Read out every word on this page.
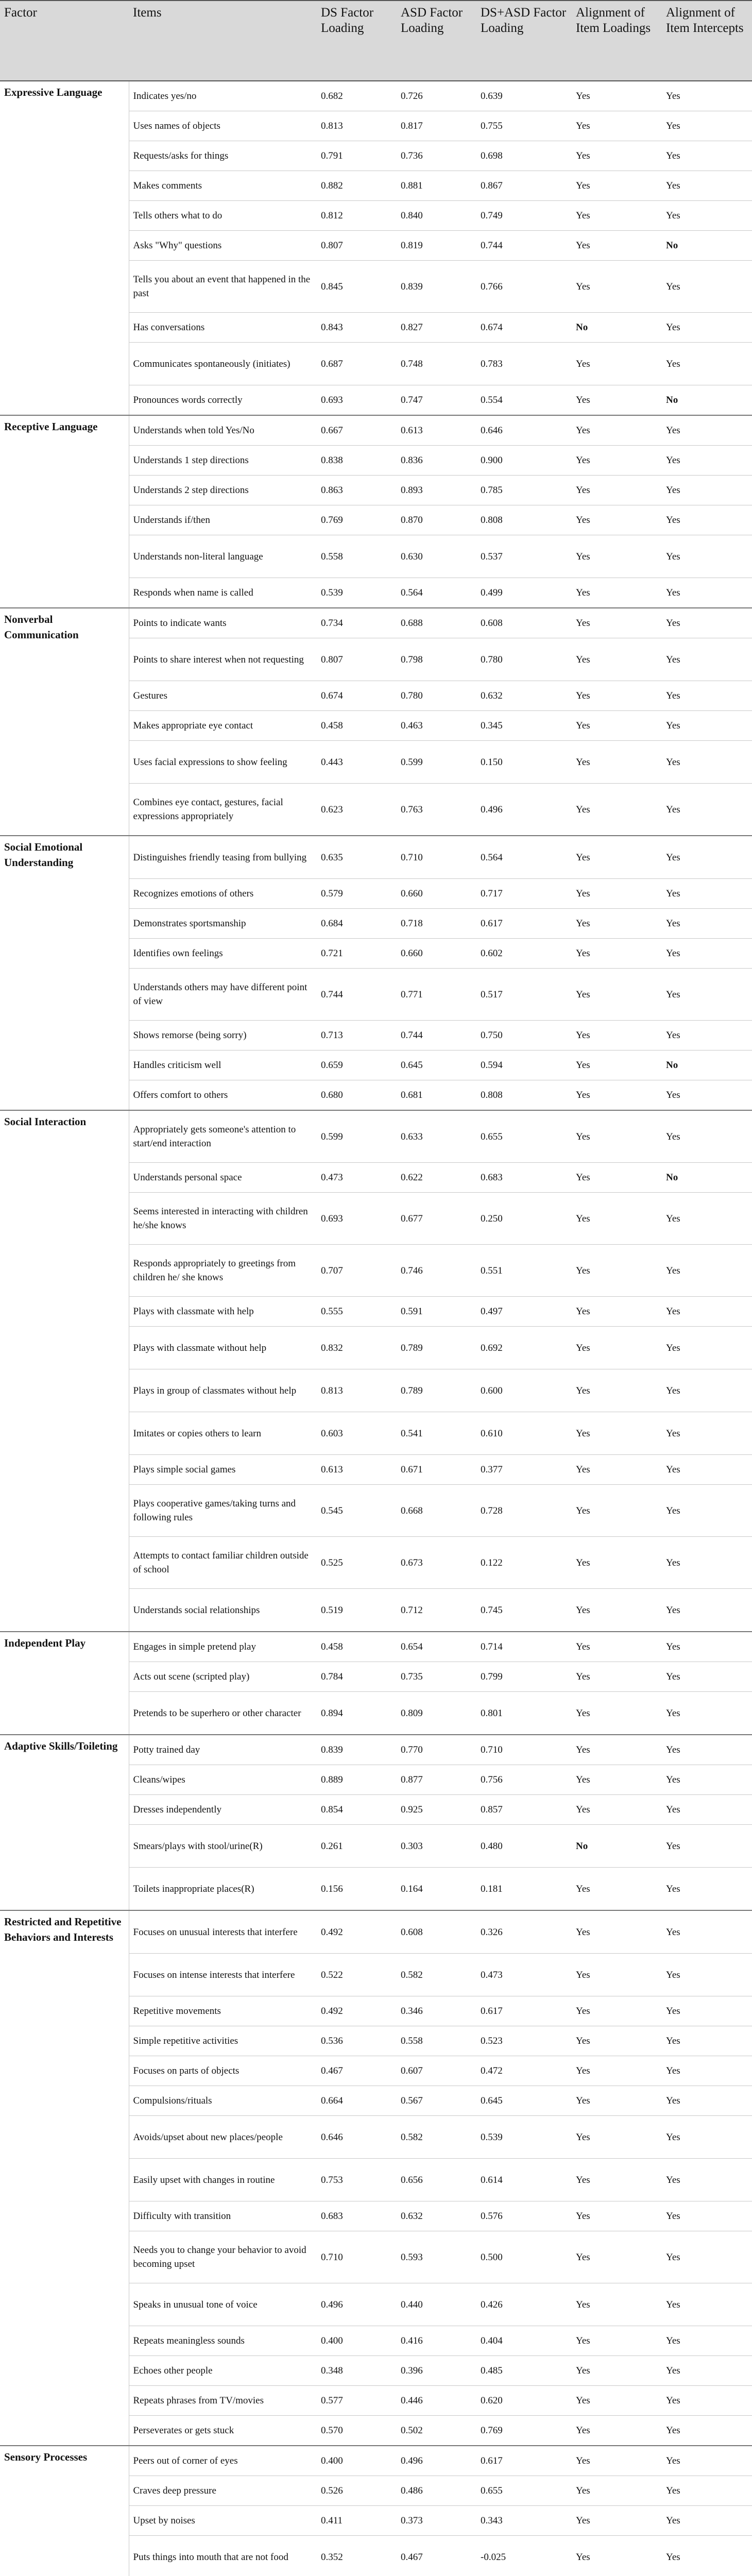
Factor	Items	DS Factor Loading	ASD Factor Loading	DS+ASD Factor Loading	Alignment of Item Loadings	Alignment of Item Intercepts
Expressive Language	Indicates yes/no	0.682	0.726	0.639	Yes	Yes
	Uses names of objects	0.813	0.817	0.755	Yes	Yes
	Requests/asks for things	0.791	0.736	0.698	Yes	Yes
	Makes comments	0.882	0.881	0.867	Yes	Yes
	Tells others what to do	0.812	0.840	0.749	Yes	Yes
	Asks "Why" questions	0.807	0.819	0.744	Yes	No
	Tells you about an event that happened in the past	0.845	0.839	0.766	Yes	Yes
	Has conversations	0.843	0.827	0.674	No	Yes
	Communicates spontaneously (initiates)	0.687	0.748	0.783	Yes	Yes
	Pronounces words correctly	0.693	0.747	0.554	Yes	No
Receptive Language	Understands when told Yes/No	0.667	0.613	0.646	Yes	Yes
	Understands 1 step directions	0.838	0.836	0.900	Yes	Yes
	Understands 2 step directions	0.863	0.893	0.785	Yes	Yes
	Understands if/then	0.769	0.870	0.808	Yes	Yes
	Understands non-literal language	0.558	0.630	0.537	Yes	Yes
	Responds when name is called	0.539	0.564	0.499	Yes	Yes
Nonverbal Communication	Points to indicate wants	0.734	0.688	0.608	Yes	Yes
	Points to share interest when not requesting	0.807	0.798	0.780	Yes	Yes
	Gestures	0.674	0.780	0.632	Yes	Yes
	Makes appropriate eye contact	0.458	0.463	0.345	Yes	Yes
	Uses facial expressions to show feeling	0.443	0.599	0.150	Yes	Yes
	Combines eye contact, gestures, facial expressions appropriately	0.623	0.763	0.496	Yes	Yes
Social Emotional Understanding	Distinguishes friendly teasing from bullying	0.635	0.710	0.564	Yes	Yes
	Recognizes emotions of others	0.579	0.660	0.717	Yes	Yes
	Demonstrates sportsmanship	0.684	0.718	0.617	Yes	Yes
	Identifies own feelings	0.721	0.660	0.602	Yes	Yes
	Understands others may have different point of view	0.744	0.771	0.517	Yes	Yes
	Shows remorse (being sorry)	0.713	0.744	0.750	Yes	Yes
	Handles criticism well	0.659	0.645	0.594	Yes	No
	Offers comfort to others	0.680	0.681	0.808	Yes	Yes
Social Interaction	Appropriately gets someone's attention to start/end interaction	0.599	0.633	0.655	Yes	Yes
	Understands personal space	0.473	0.622	0.683	Yes	No
	Seems interested in interacting with children he/she knows	0.693	0.677	0.250	Yes	Yes
	Responds appropriately to greetings from children he/ she knows	0.707	0.746	0.551	Yes	Yes
	Plays with classmate with help	0.555	0.591	0.497	Yes	Yes
	Plays with classmate without help	0.832	0.789	0.692	Yes	Yes
	Plays in group of classmates without help	0.813	0.789	0.600	Yes	Yes
	Imitates or copies others to learn	0.603	0.541	0.610	Yes	Yes
	Plays simple social games	0.613	0.671	0.377	Yes	Yes
	Plays cooperative games/taking turns and following rules	0.545	0.668	0.728	Yes	Yes
	Attempts to contact familiar children outside of school	0.525	0.673	0.122	Yes	Yes
	Understands social relationships	0.519	0.712	0.745	Yes	Yes
Independent Play	Engages in simple pretend play	0.458	0.654	0.714	Yes	Yes
	Acts out scene (scripted play)	0.784	0.735	0.799	Yes	Yes
	Pretends to be superhero or other character	0.894	0.809	0.801	Yes	Yes
Adaptive Skills/Toileting	Potty trained day	0.839	0.770	0.710	Yes	Yes
	Cleans/wipes	0.889	0.877	0.756	Yes	Yes
	Dresses independently	0.854	0.925	0.857	Yes	Yes
	Smears/plays with stool/urine(R)	0.261	0.303	0.480	No	Yes
	Toilets inappropriate places(R)	0.156	0.164	0.181	Yes	Yes
Restricted and Repetitive Behaviors and Interests	Focuses on unusual interests that interfere	0.492	0.608	0.326	Yes	Yes
	Focuses on intense interests that interfere	0.522	0.582	0.473	Yes	Yes
	Repetitive movements	0.492	0.346	0.617	Yes	Yes
	Simple repetitive activities	0.536	0.558	0.523	Yes	Yes
	Focuses on parts of objects	0.467	0.607	0.472	Yes	Yes
	Compulsions/rituals	0.664	0.567	0.645	Yes	Yes
	Avoids/upset about new places/people	0.646	0.582	0.539	Yes	Yes
	Easily upset with changes in routine	0.753	0.656	0.614	Yes	Yes
	Difficulty with transition	0.683	0.632	0.576	Yes	Yes
	Needs you to change your behavior to avoid becoming upset	0.710	0.593	0.500	Yes	Yes
	Speaks in unusual tone of voice	0.496	0.440	0.426	Yes	Yes
	Repeats meaningless sounds	0.400	0.416	0.404	Yes	Yes
	Echoes other people	0.348	0.396	0.485	Yes	Yes
	Repeats phrases from TV/movies	0.577	0.446	0.620	Yes	Yes
	Perseverates or gets stuck	0.570	0.502	0.769	Yes	Yes
Sensory Processes	Peers out of corner of eyes	0.400	0.496	0.617	Yes	Yes
	Craves deep pressure	0.526	0.486	0.655	Yes	Yes
	Upset by noises	0.411	0.373	0.343	Yes	Yes
	Puts things into mouth that are not food	0.352	0.467	-0.025	Yes	Yes
